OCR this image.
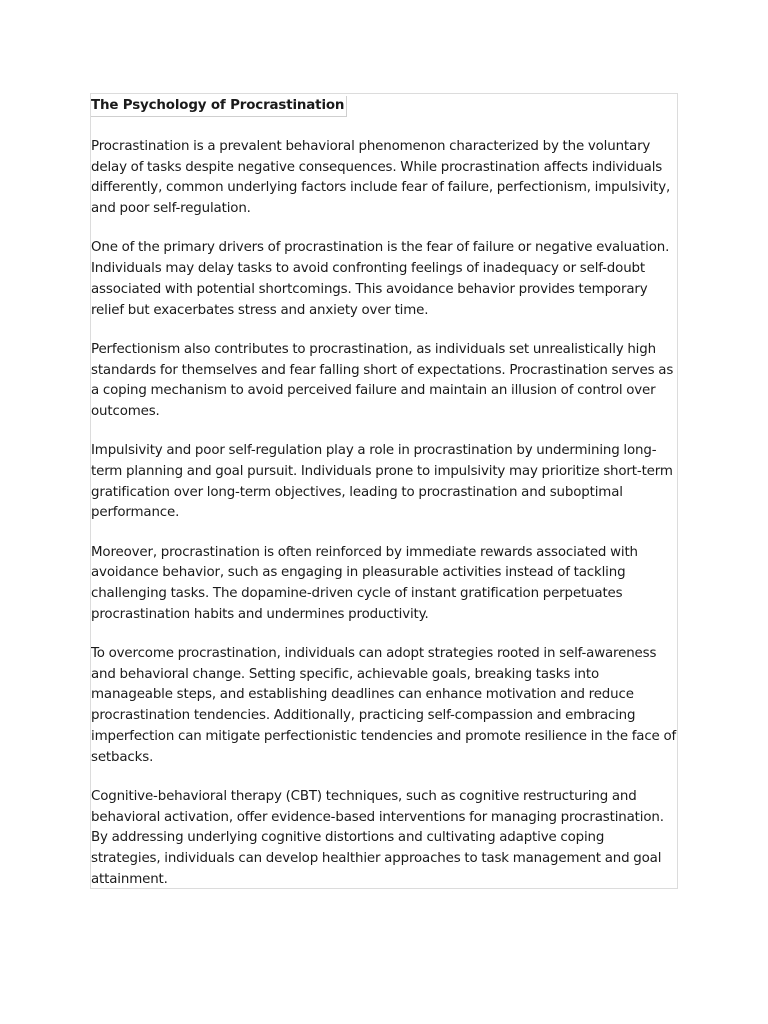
The Psychology of Procrastination

Procrastination is a prevalent behavioral phenomenon characterized by the voluntary delay of tasks despite negative consequences. While procrastination affects individuals differently, common underlying factors include fear of failure, perfectionism, impulsivity, and poor self-regulation.

One of the primary drivers of procrastination is the fear of failure or negative evaluation. Individuals may delay tasks to avoid confronting feelings of inadequacy or self-doubt associated with potential shortcomings. This avoidance behavior provides temporary relief but exacerbates stress and anxiety over time.

Perfectionism also contributes to procrastination, as individuals set unrealistically high standards for themselves and fear falling short of expectations. Procrastination serves as a coping mechanism to avoid perceived failure and maintain an illusion of control over outcomes.

Impulsivity and poor self-regulation play a role in procrastination by undermining long-term planning and goal pursuit. Individuals prone to impulsivity may prioritize short-term gratification over long-term objectives, leading to procrastination and suboptimal performance.

Moreover, procrastination is often reinforced by immediate rewards associated with avoidance behavior, such as engaging in pleasurable activities instead of tackling challenging tasks. The dopamine-driven cycle of instant gratification perpetuates procrastination habits and undermines productivity.

To overcome procrastination, individuals can adopt strategies rooted in self-awareness and behavioral change. Setting specific, achievable goals, breaking tasks into manageable steps, and establishing deadlines can enhance motivation and reduce procrastination tendencies. Additionally, practicing self-compassion and embracing imperfection can mitigate perfectionistic tendencies and promote resilience in the face of setbacks.

Cognitive-behavioral therapy (CBT) techniques, such as cognitive restructuring and behavioral activation, offer evidence-based interventions for managing procrastination. By addressing underlying cognitive distortions and cultivating adaptive coping strategies, individuals can develop healthier approaches to task management and goal attainment.
